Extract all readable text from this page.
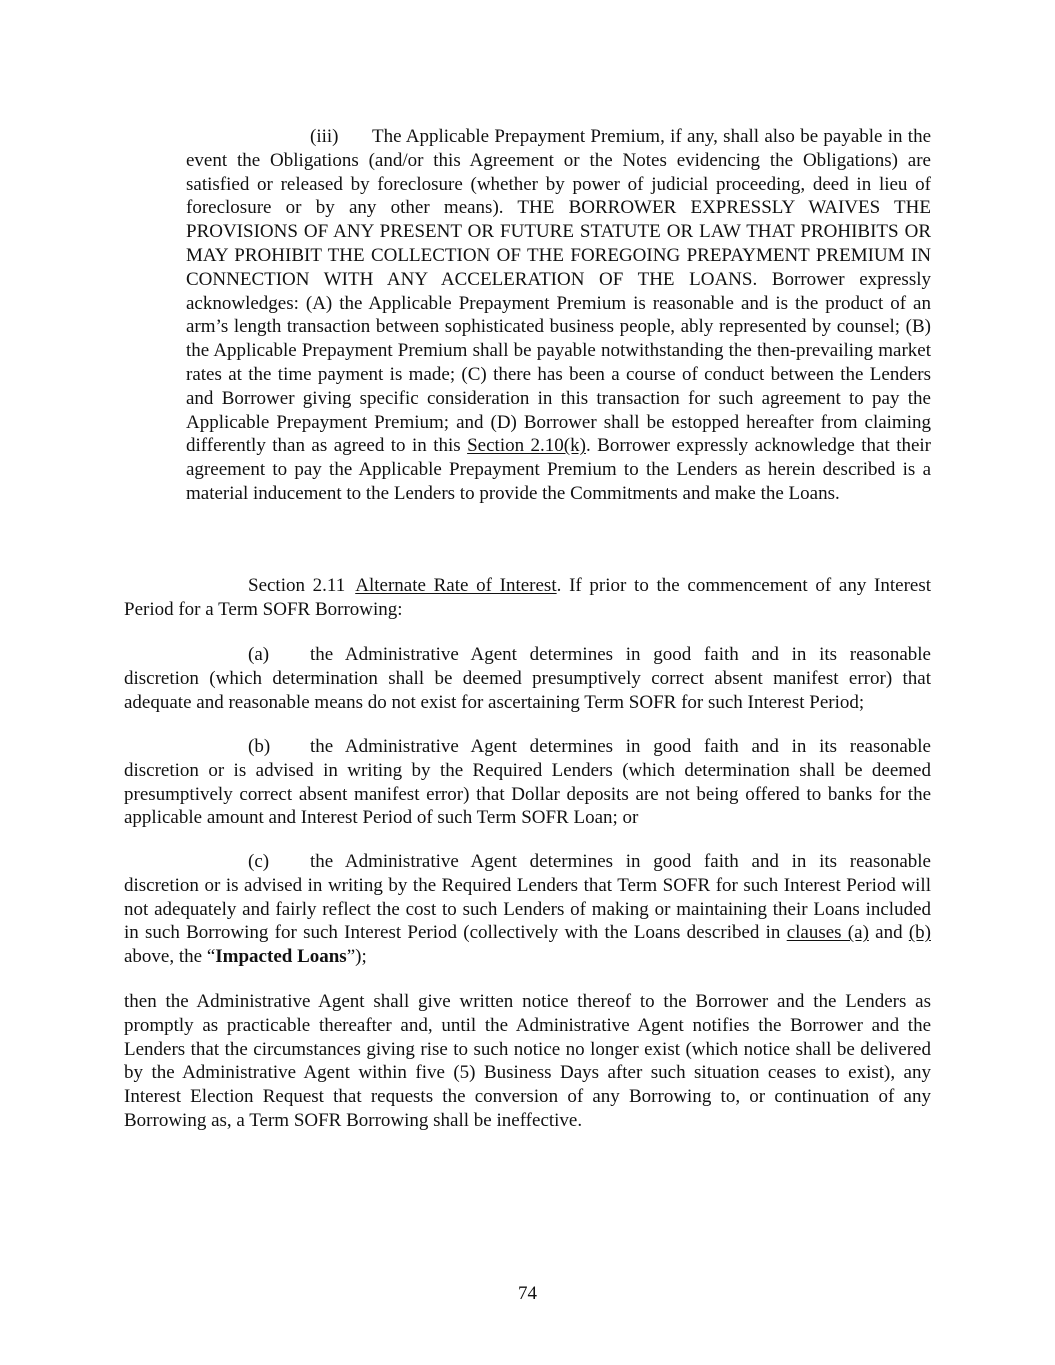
(iii) The Applicable Prepayment Premium, if any, shall also be payable in the event the Obligations (and/or this Agreement or the Notes evidencing the Obligations) are satisfied or released by foreclosure (whether by power of judicial proceeding, deed in lieu of foreclosure or by any other means). THE BORROWER EXPRESSLY WAIVES THE PROVISIONS OF ANY PRESENT OR FUTURE STATUTE OR LAW THAT PROHIBITS OR MAY PROHIBIT THE COLLECTION OF THE FOREGOING PREPAYMENT PREMIUM IN CONNECTION WITH ANY ACCELERATION OF THE LOANS. Borrower expressly acknowledges: (A) the Applicable Prepayment Premium is reasonable and is the product of an arm’s length transaction between sophisticated business people, ably represented by counsel; (B) the Applicable Prepayment Premium shall be payable notwithstanding the then-prevailing market rates at the time payment is made; (C) there has been a course of conduct between the Lenders and Borrower giving specific consideration in this transaction for such agreement to pay the Applicable Prepayment Premium; and (D) Borrower shall be estopped hereafter from claiming differently than as agreed to in this Section 2.10(k). Borrower expressly acknowledge that their agreement to pay the Applicable Prepayment Premium to the Lenders as herein described is a material inducement to the Lenders to provide the Commitments and make the Loans.

Section 2.11 Alternate Rate of Interest. If prior to the commencement of any Interest Period for a Term SOFR Borrowing:

(a) the Administrative Agent determines in good faith and in its reasonable discretion (which determination shall be deemed presumptively correct absent manifest error) that adequate and reasonable means do not exist for ascertaining Term SOFR for such Interest Period;

(b) the Administrative Agent determines in good faith and in its reasonable discretion or is advised in writing by the Required Lenders (which determination shall be deemed presumptively correct absent manifest error) that Dollar deposits are not being offered to banks for the applicable amount and Interest Period of such Term SOFR Loan; or

(c) the Administrative Agent determines in good faith and in its reasonable discretion or is advised in writing by the Required Lenders that Term SOFR for such Interest Period will not adequately and fairly reflect the cost to such Lenders of making or maintaining their Loans included in such Borrowing for such Interest Period (collectively with the Loans described in clauses (a) and (b) above, the “Impacted Loans”);

then the Administrative Agent shall give written notice thereof to the Borrower and the Lenders as promptly as practicable thereafter and, until the Administrative Agent notifies the Borrower and the Lenders that the circumstances giving rise to such notice no longer exist (which notice shall be delivered by the Administrative Agent within five (5) Business Days after such situation ceases to exist), any Interest Election Request that requests the conversion of any Borrowing to, or continuation of any Borrowing as, a Term SOFR Borrowing shall be ineffective.

74
